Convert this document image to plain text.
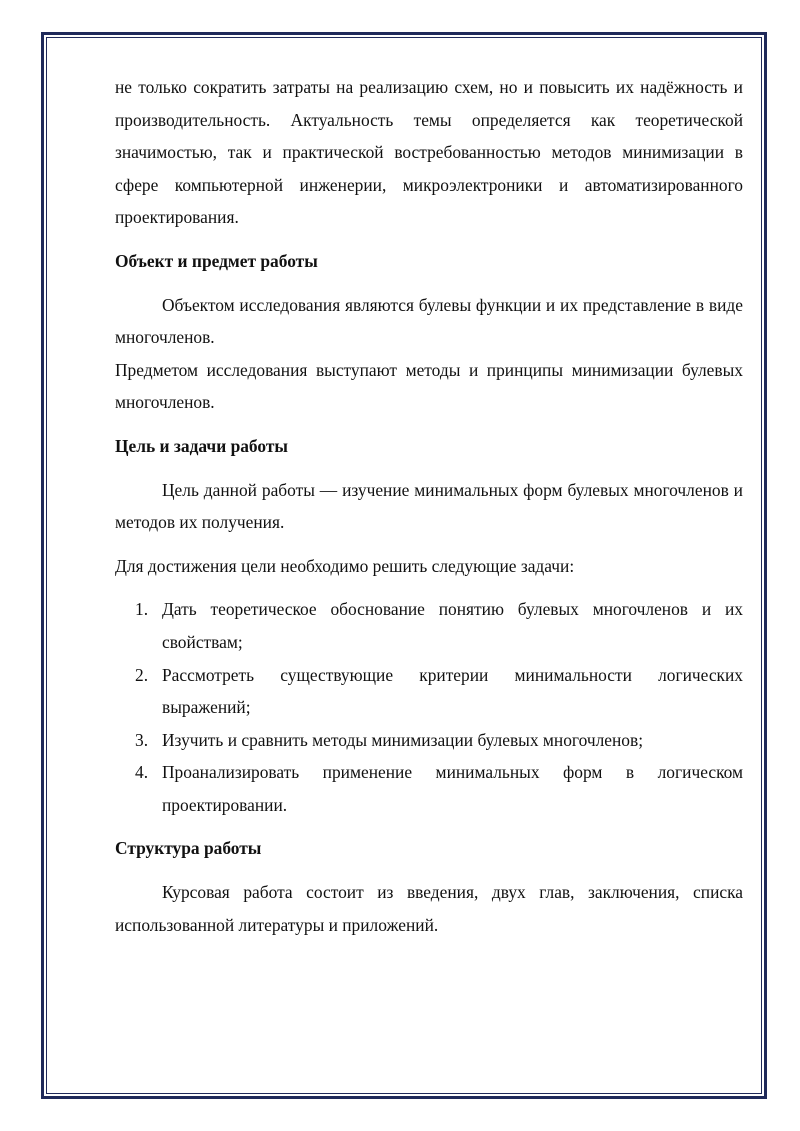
не только сократить затраты на реализацию схем, но и повысить их надёжность и производительность. Актуальность темы определяется как теоретической значимостью, так и практической востребованностью методов минимизации в сфере компьютерной инженерии, микроэлектроники и автоматизированного проектирования.

Объект и предмет работы

Объектом исследования являются булевы функции и их представление в виде многочленов.

Предметом исследования выступают методы и принципы минимизации булевых многочленов.

Цель и задачи работы

Цель данной работы — изучение минимальных форм булевых многочленов и методов их получения.

Для достижения цели необходимо решить следующие задачи:

1. Дать теоретическое обоснование понятию булевых многочленов и их свойствам;
2. Рассмотреть существующие критерии минимальности логических выражений;
3. Изучить и сравнить методы минимизации булевых многочленов;
4. Проанализировать применение минимальных форм в логическом проектировании.
Структура работы

Курсовая работа состоит из введения, двух глав, заключения, списка использованной литературы и приложений.
